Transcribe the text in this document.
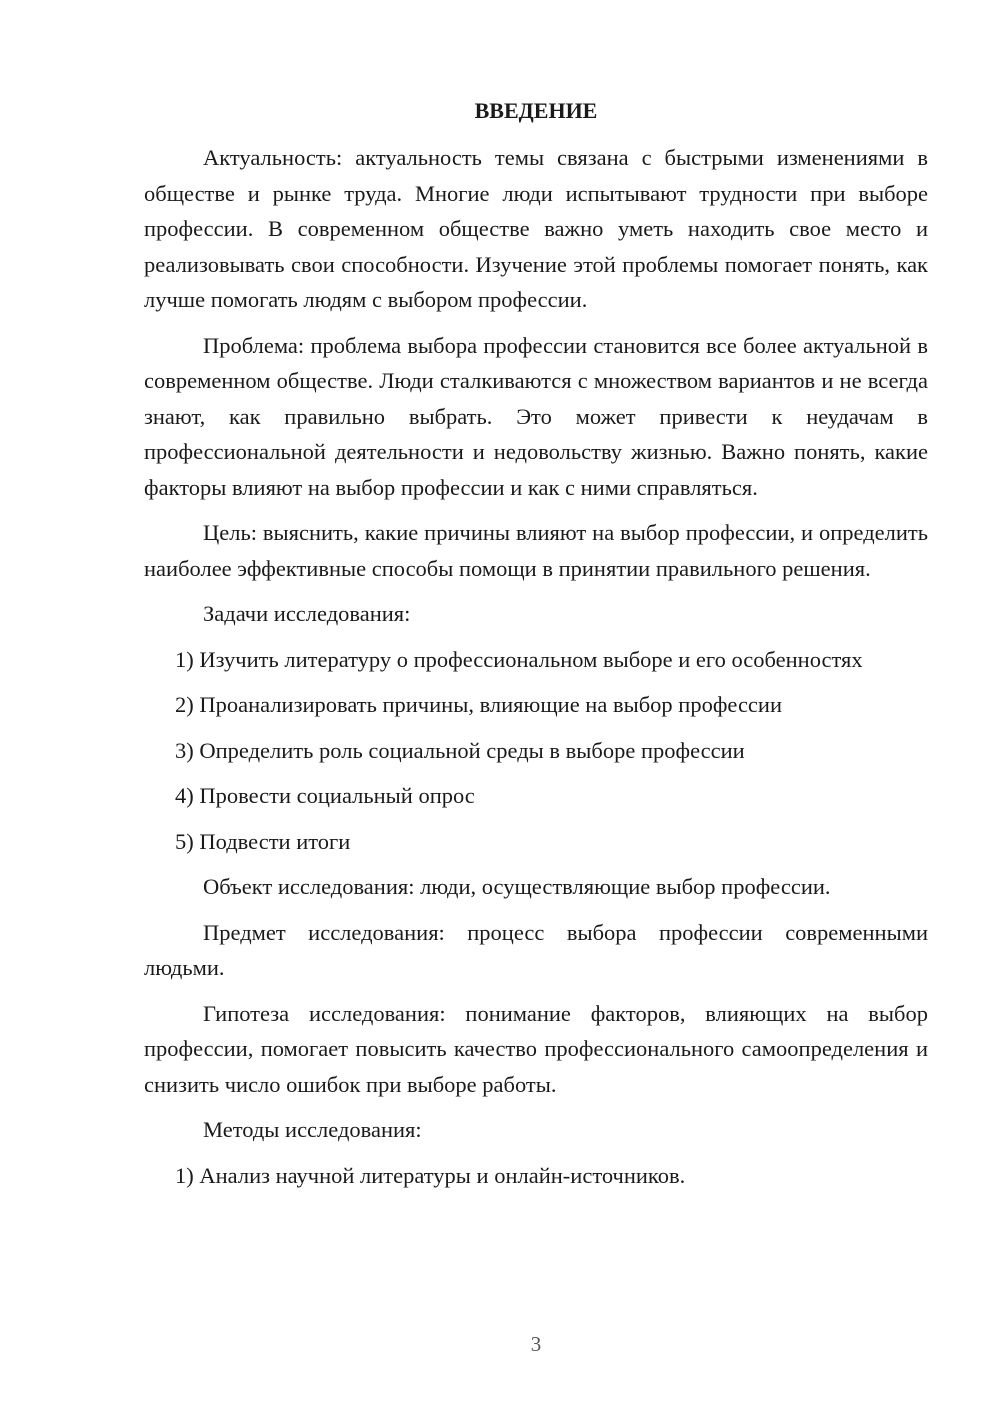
ВВЕДЕНИЕ

Актуальность: актуальность темы связана с быстрыми изменениями в обществе и рынке труда. Многие люди испытывают трудности при выборе профессии. В современном обществе важно уметь находить свое место и реализовывать свои способности. Изучение этой проблемы помогает понять, как лучше помогать людям с выбором профессии.

Проблема: проблема выбора профессии становится все более актуальной в современном обществе. Люди сталкиваются с множеством вариантов и не всегда знают, как правильно выбрать. Это может привести к неудачам в профессиональной деятельности и недовольству жизнью. Важно понять, какие факторы влияют на выбор профессии и как с ними справляться.

Цель: выяснить, какие причины влияют на выбор профессии, и определить наиболее эффективные способы помощи в принятии правильного решения.

Задачи исследования:

1) Изучить литературу о профессиональном выборе и его особенностях

2) Проанализировать причины, влияющие на выбор профессии

3) Определить роль социальной среды в выборе профессии

4) Провести социальный опрос

5) Подвести итоги

Объект исследования: люди, осуществляющие выбор профессии.

Предмет исследования: процесс выбора профессии современными людьми.

Гипотеза исследования: понимание факторов, влияющих на выбор профессии, помогает повысить качество профессионального самоопределения и снизить число ошибок при выборе работы.

Методы исследования:

1) Анализ научной литературы и онлайн-источников.

3
